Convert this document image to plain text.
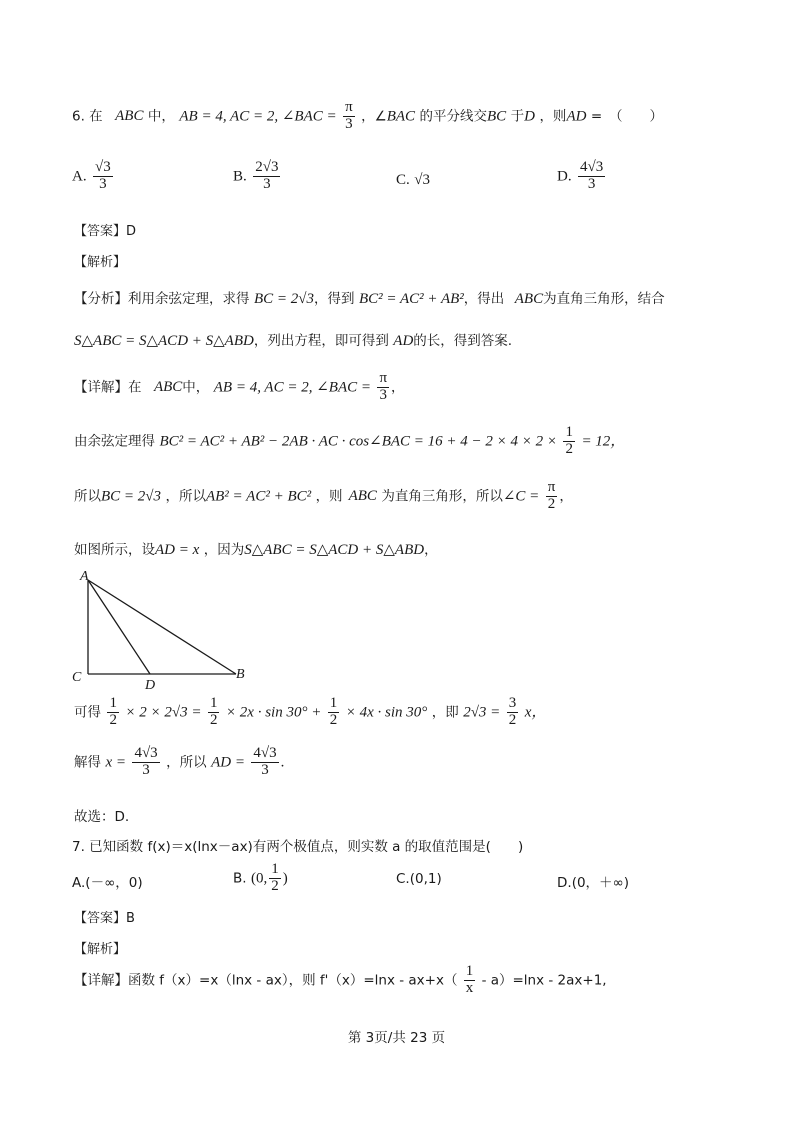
6. 在 ABC 中， AB = 4, AC = 2, ∠BAC = $\frac{\pi}{3}$ ，∠BAC 的平分线交BC 于D ，则AD =　（　　）
A. $\frac{√3}{3}$	B. $\frac{2√3}{3}$	C. √3	D. $\frac{4√3}{3}$
【答案】D
【解析】
【分析】利用余弦定理，求得 BC = 2√3，得到 BC² = AC² + AB²，得出 ABC为直角三角形，结合
S△ABC = S△ACD + S△ABD，列出方程，即可得到 AD的长，得到答案.
【详解】在 ABC中， AB = 4, AC = 2, ∠BAC = $\frac{\pi}{3}$ ，
由余弦定理得 BC² = AC² + AB² − 2AB · AC · cos∠BAC = $16 + 4 - 2 \times 4 \times 2 \times \frac{1}{2} = 12$，
所以BC = 2√3 ，所以AB² = AC² + BC² ，则 ABC 为直角三角形，所以∠C = $\frac{\pi}{2}$ ，
如图所示，设AD = x ，因为S△ABC = S△ACD + S△ABD，
A
C
D
B
可得 $\frac{1}{2} \times 2 \times 2√3 = \frac{1}{2} \times 2x \cdot \sin 30^\circ + \frac{1}{2} \times 4x \cdot \sin 30^\circ$ ，即 $2√3 = \frac{3}{2}$ x，
解得 $x = \frac{4√3}{3}$ ，所以 AD = $\frac{4√3}{3}$ .
故选：D.
7. 已知函数 f(x)＝x(lnx－ax)有两个极值点，则实数 a 的取值范围是(　　)
A.(－∞，0)	B. (0, $\frac{1}{2}$ )	C.(0,1)	D.(0，＋∞)
【答案】B
【解析】
【详解】函数 f（x）=x（lnx - ax），则 $f'(x)=\ln x - ax+x( \frac{1}{x} - a)=\ln x - 2ax+1$,
第 3页/共 23 页
